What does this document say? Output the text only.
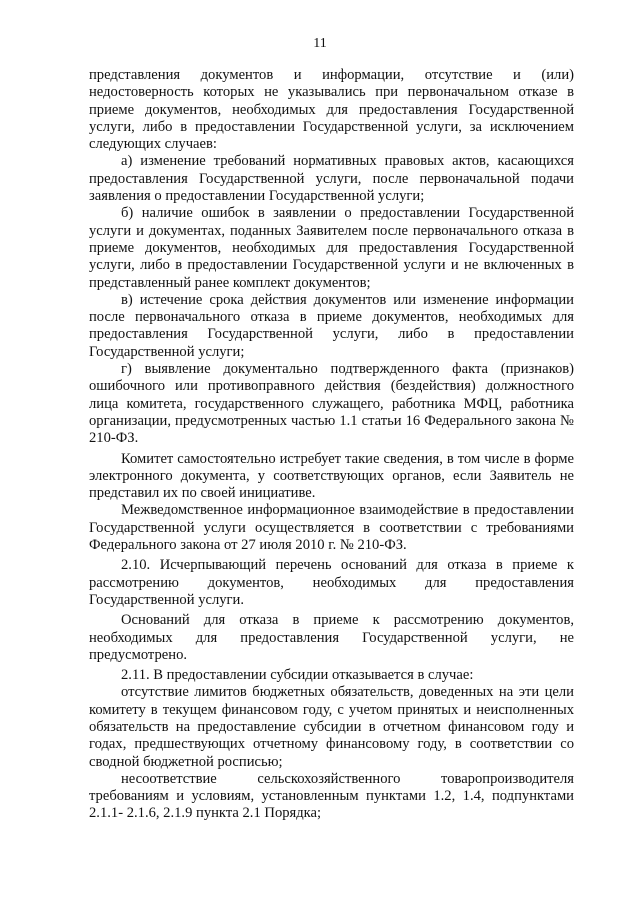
11

представления документов и информации, отсутствие и (или) недостоверность которых не указывались при первоначальном отказе в приеме документов, необходимых для предоставления Государственной услуги, либо в предоставлении Государственной услуги, за исключением следующих случаев:

а) изменение требований нормативных правовых актов, касающихся предоставления Государственной услуги, после первоначальной подачи заявления о предоставлении Государственной услуги;

б) наличие ошибок в заявлении о предоставлении Государственной услуги и документах, поданных Заявителем после первоначального отказа в приеме документов, необходимых для предоставления Государственной услуги, либо в предоставлении Государственной услуги и не включенных в представленный ранее комплект документов;

в) истечение срока действия документов или изменение информации после первоначального отказа в приеме документов, необходимых для предоставления Государственной услуги, либо в предоставлении Государственной услуги;

г) выявление документально подтвержденного факта (признаков) ошибочного или противоправного действия (бездействия) должностного лица комитета, государственного служащего, работника МФЦ, работника организации, предусмотренных частью 1.1 статьи 16 Федерального закона № 210-ФЗ.

Комитет самостоятельно истребует такие сведения, в том числе в форме электронного документа, у соответствующих органов, если Заявитель не представил их по своей инициативе.

Межведомственное информационное взаимодействие в предоставлении Государственной услуги осуществляется в соответствии с требованиями Федерального закона от 27 июля 2010 г. № 210-ФЗ.

2.10. Исчерпывающий перечень оснований для отказа в приеме к рассмотрению документов, необходимых для предоставления Государственной услуги.

Оснований для отказа в приеме к рассмотрению документов, необходимых для предоставления Государственной услуги, не предусмотрено.

2.11. В предоставлении субсидии отказывается в случае:

отсутствие лимитов бюджетных обязательств, доведенных на эти цели комитету в текущем финансовом году, с учетом принятых и неисполненных обязательств на предоставление субсидии в отчетном финансовом году и годах, предшествующих отчетному финансовому году, в соответствии со сводной бюджетной росписью;

несоответствие сельскохозяйственного товаропроизводителя требованиям и условиям, установленным пунктами 1.2, 1.4, подпунктами 2.1.1- 2.1.6, 2.1.9 пункта 2.1 Порядка;
